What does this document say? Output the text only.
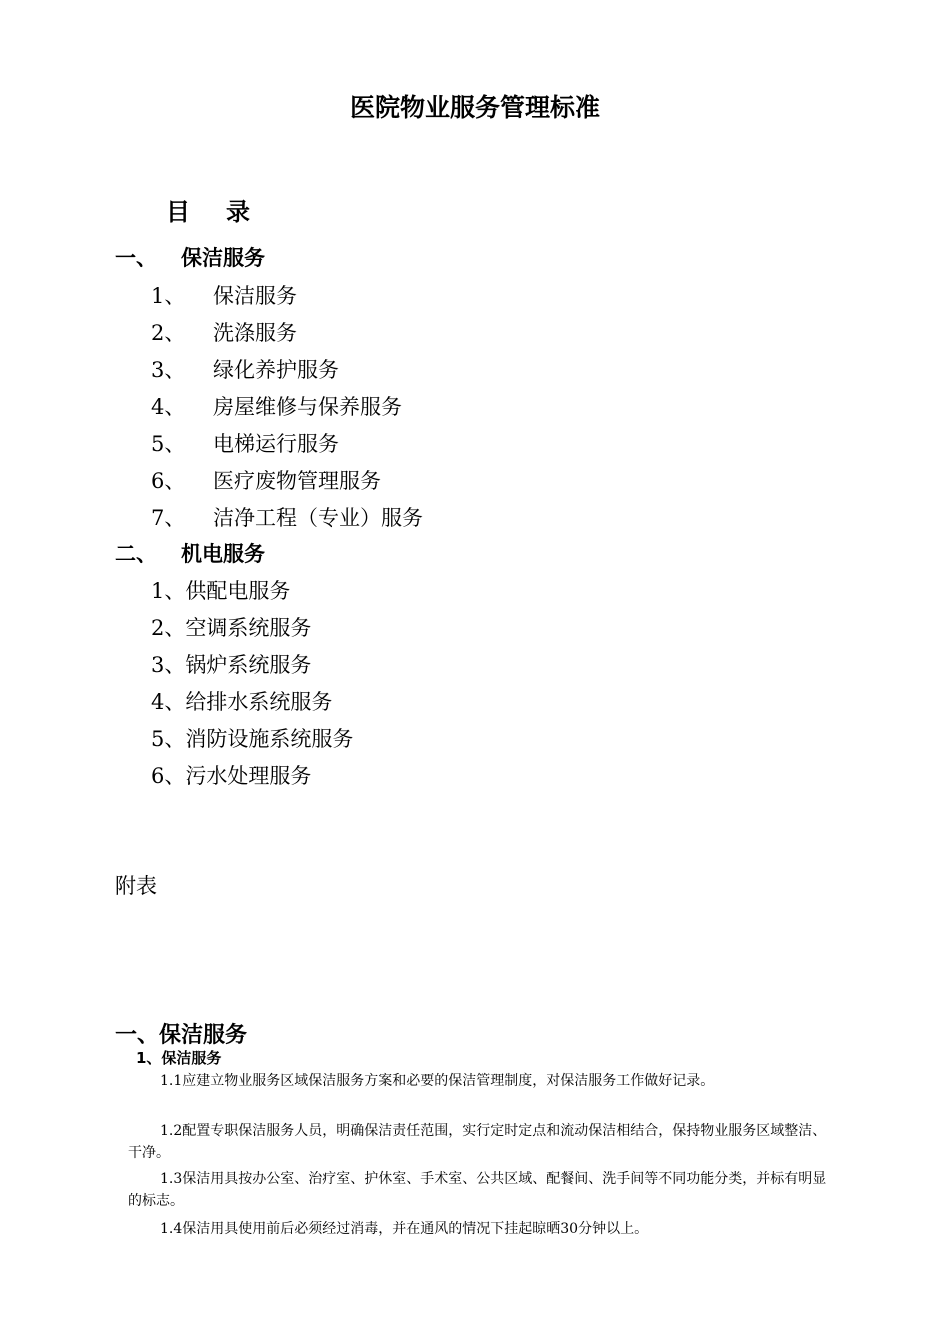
医院物业服务管理标准
目录
一、 保洁服务
1、 保洁服务
2、 洗涤服务
3、 绿化养护服务
4、 房屋维修与保养服务
5、 电梯运行服务
6、 医疗废物管理服务
7、 洁净工程（专业）服务
二、 机电服务
1、供配电服务
2、空调系统服务
3、锅炉系统服务
4、给排水系统服务
5、消防设施系统服务
6、污水处理服务
附表
一、保洁服务
1、保洁服务

1.1应建立物业服务区域保洁服务方案和必要的保洁管理制度，对保洁服务工作做好记录。

1.2配置专职保洁服务人员，明确保洁责任范围，实行定时定点和流动保洁相结合，保持物业服务区域整洁、干净。

1.3保洁用具按办公室、治疗室、护休室、手术室、公共区域、配餐间、洗手间等不同功能分类，并标有明显的标志。

1.4保洁用具使用前后必须经过消毒，并在通风的情况下挂起晾晒30分钟以上。
